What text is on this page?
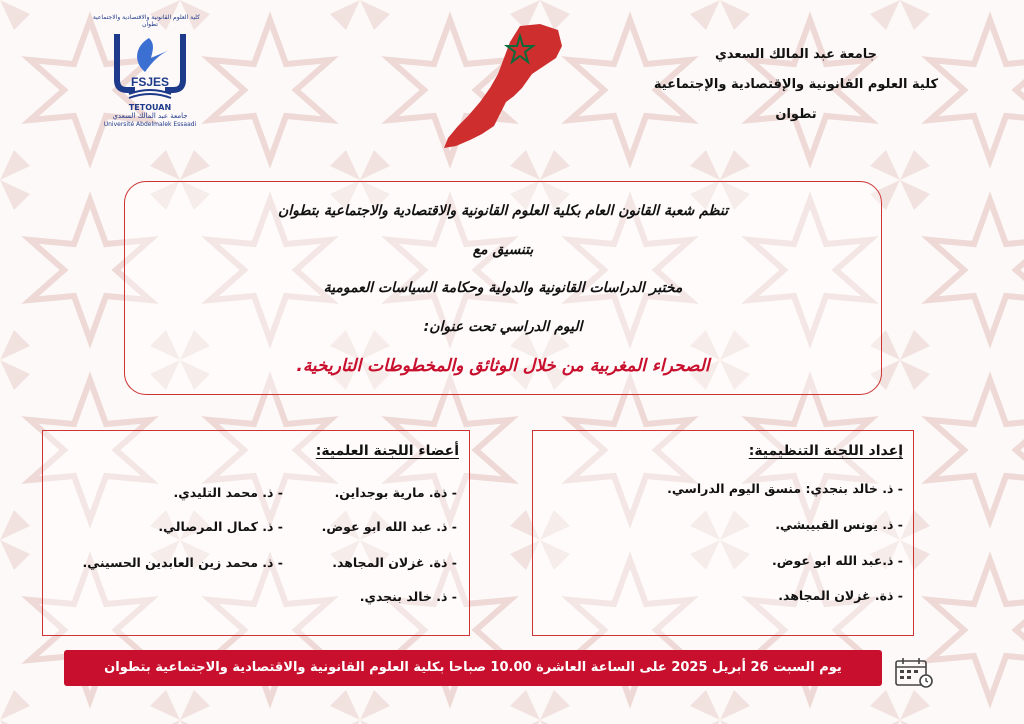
كلية العلوم القانونية والاقتصادية والاجتماعية
تطوان
FSJES
TETOUAN
جامعة عبد المالك السعدي
Université Abdelmalek Essaadi
جامعة عبد المالك السعدي
كلية العلوم القانونية والإقتصادية والإجتماعية
تطوان
تنظم شعبة القانون العام بكلية العلوم القانونية والاقتصادية والاجتماعية بتطوان
بتنسيق مع
مختبر الدراسات القانونية والدولية وحكامة السياسات العمومية
اليوم الدراسي تحت عنوان:
الصحراء المغربية من خلال الوثائق والمخطوطات التاريخية.
إعداد اللجنة التنظيمية:
- ذ. خالد بنجدي: منسق اليوم الدراسي.
- ذ. يونس القبيبشي.
- ذ.عبد الله ابو عوض.
- ذة. غزلان المجاهد.
أعضاء اللجنة العلمية:
- ذة. مارية بوجداين.
- ذ. عبد الله ابو عوض.
- ذة. غزلان المجاهد.
- ذ. خالد بنجدي.
- ذ. محمد التليدي.
- ذ. كمال المرصالي.
- ذ. محمد زين العابدين الحسيني.
يوم السبت 26 أبريل 2025 على الساعة العاشرة 10.00 صباحا بكلية العلوم القانونية والاقتصادية والاجتماعية بتطوان
